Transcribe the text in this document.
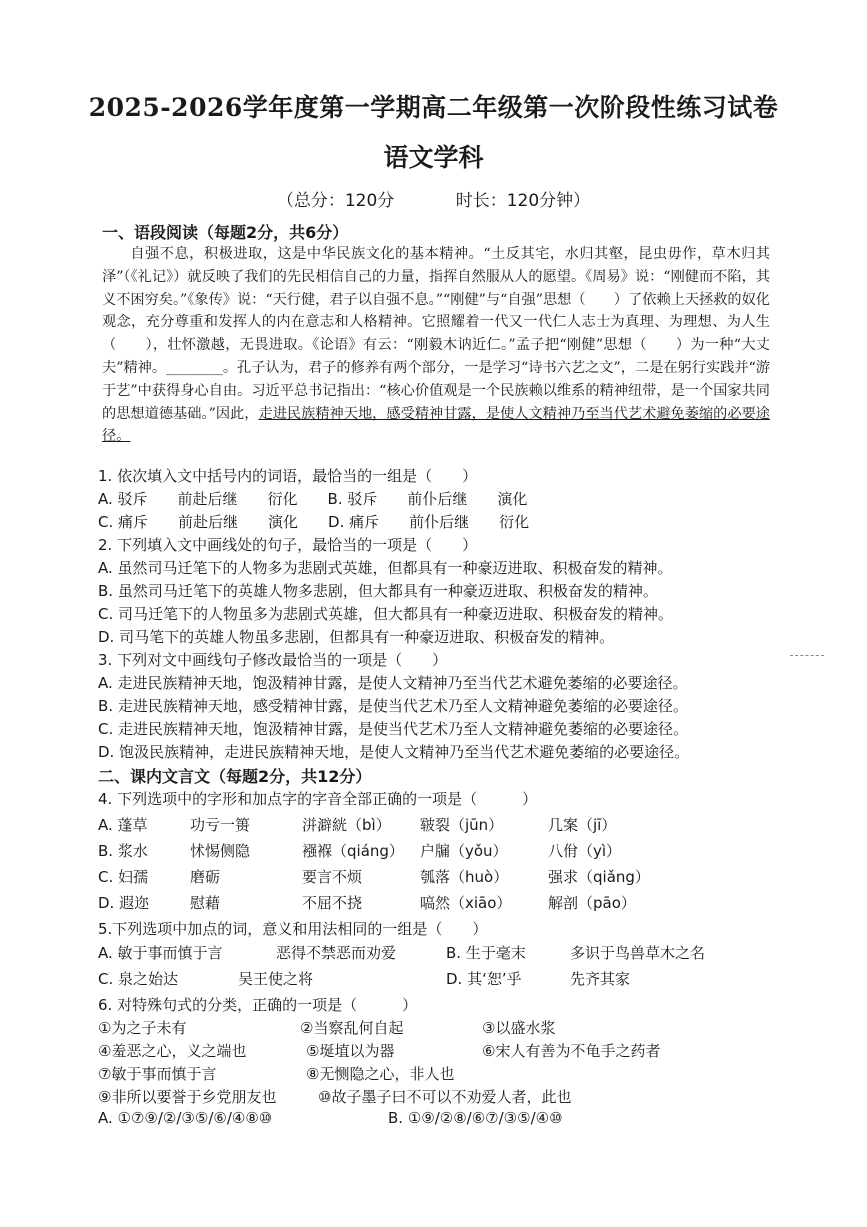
2025-2026学年度第一学期高二年级第一次阶段性练习试卷
语文学科
（总分：120分	时长：120分钟）
一、语段阅读（每题2分，共6分）

自强不息，积极进取，这是中华民族文化的基本精神。“土反其宅，水归其壑，昆虫毋作，草木归其泽”（《礼记》）就反映了我们的先民相信自己的力量，指挥自然服从人的愿望。《周易》说：“刚健而不陷，其义不困穷矣。”《象传》说：“天行健，君子以自强不息。”“刚健”与“自强”思想（　　）了依赖上天拯救的奴化观念，充分尊重和发挥人的内在意志和人格精神。它照耀着一代又一代仁人志士为真理、为理想、为人生（　　），壮怀激越，无畏进取。《论语》有云：“刚毅木讷近仁。”孟子把“刚健”思想（　　）为一种“大丈夫”精神。________。孔子认为，君子的修养有两个部分，一是学习“诗书六艺之文”，二是在躬行实践并“游于艺”中获得身心自由。习近平总书记指出：“核心价值观是一个民族赖以维系的精神纽带，是一个国家共同的思想道德基础。”因此，走进民族精神天地，感受精神甘露，是使人文精神乃至当代艺术避免萎缩的必要途径。

1. 依次填入文中括号内的词语，最恰当的一组是（　　）
A. 驳斥　　前赴后继　　衍化　　B. 驳斥　　前仆后继　　演化
C. 痛斥　　前赴后继　　演化　　D. 痛斥　　前仆后继　　衍化
2. 下列填入文中画线处的句子，最恰当的一项是（　　）
A. 虽然司马迁笔下的人物多为悲剧式英雄，但都具有一种豪迈进取、积极奋发的精神。
B. 虽然司马迁笔下的英雄人物多悲剧，但大都具有一种豪迈进取、积极奋发的精神。
C. 司马迁笔下的人物虽多为悲剧式英雄，但大都具有一种豪迈进取、积极奋发的精神。
D. 司马笔下的英雄人物虽多悲剧，但都具有一种豪迈进取、积极奋发的精神。
3. 下列对文中画线句子修改最恰当的一项是（　　）
A. 走进民族精神天地，饱汲精神甘露，是使人文精神乃至当代艺术避免萎缩的必要途径。
B. 走进民族精神天地，感受精神甘露，是使当代艺术乃至人文精神避免萎缩的必要途径。
C. 走进民族精神天地，饱汲精神甘露，是使当代艺术乃至人文精神避免萎缩的必要途径。
D. 饱汲民族精神，走进民族精神天地，是使人文精神乃至当代艺术避免萎缩的必要途径。
二、课内文言文（每题2分，共12分）
4. 下列选项中的字形和加点字的字音全部正确的一项是（　　　）
A. 蓬草	功亏一篑	洴澼絖（bì） 皲裂（jūn）	几案（jī）
B. 浆水	怵惕侧隐	襁褓（qiáng） 户牖（yǒu）	八佾（yì）
C. 妇孺	磨砺	要言不烦	瓠落（huò）	强求（qiǎng）
D. 遐迩	慰藉	不屈不挠	嗃然（xiāo） 解剖（pāo）
5.下列选项中加点的词，意义和用法相同的一组是（　　）
A. 敏于事而慎于言	恶得不禁恶而劝爱	B. 生于毫末	多识于鸟兽草木之名
C. 泉之始达	吴王使之将	D. 其‘恕’乎	先齐其家
6. 对特殊句式的分类，正确的一项是（　　　）
①为之子未有	②当察乱何自起	③以盛水浆
④羞恶之心，义之端也	⑤埏埴以为器	⑥宋人有善为不龟手之药者
⑦敏于事而慎于言	⑧无恻隐之心，非人也
⑨非所以要誉于乡党朋友也	⑩故子墨子曰不可以不劝爱人者，此也
A. ①⑦⑨/②/③⑤/⑥/④⑧⑩	B. ①⑨/②⑧/⑥⑦/③⑤/④⑩
